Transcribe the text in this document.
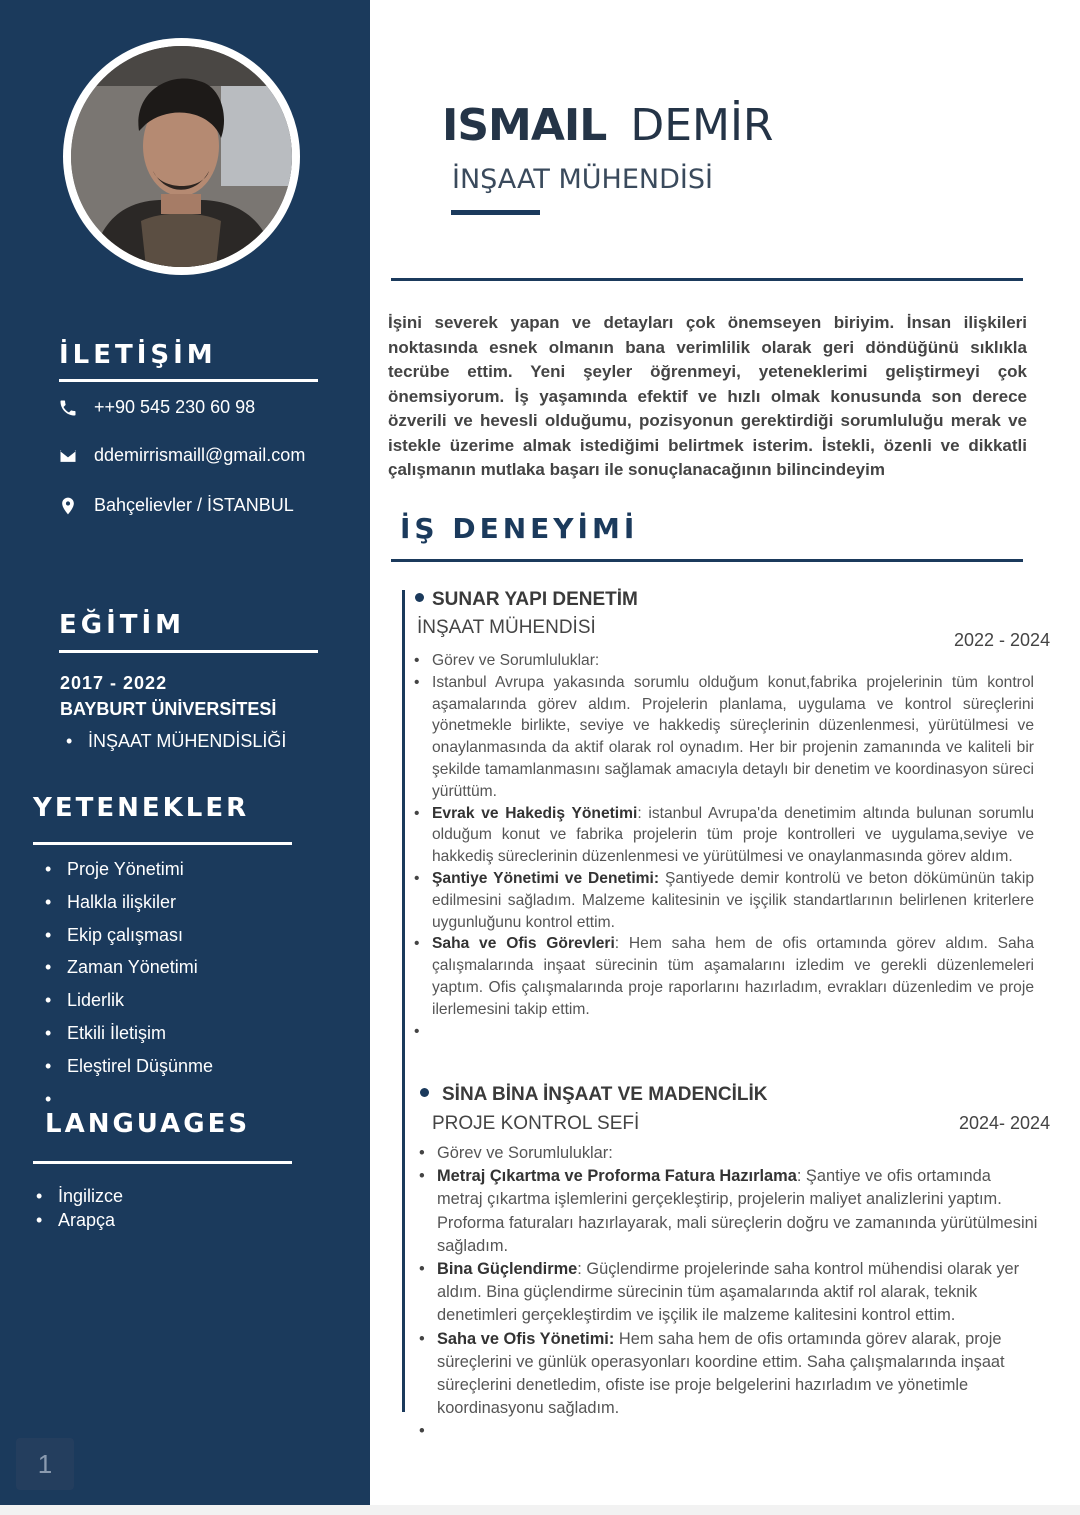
İLETİŞİM
++90 545 230 60 98
ddemirrismaill@gmail.com
Bahçelievler / İSTANBUL
EĞİTİM
2017 - 2022
BAYBURT ÜNİVERSİTESİ
• İNŞAAT MÜHENDİSLİĞİ
YETENEKLER
• Proje Yönetimi
• Halkla ilişkiler
• Ekip çalışması
• Zaman Yönetimi
• Liderlik
• Etkili İletişim
• Eleştirel Düşünme
•
LANGUAGES
• İngilizce
• Arapça
1
ISMAIL DEMİR
İNŞAAT MÜHENDİSİ

İşini severek yapan ve detayları çok önemseyen biriyim. İnsan ilişkileri noktasında esnek olmanın bana verimlilik olarak geri döndüğünü sıklıkla tecrübe ettim. Yeni şeyler öğrenmeyi, yeteneklerimi geliştirmeyi çok önemsiyorum. İş yaşamında efektif ve hızlı olmak konusunda son derece özverili ve hevesli olduğumu, pozisyonun gerektirdiği sorumluluğu merak ve istekle üzerime almak istediğimi belirtmek isterim. İstekli, özenli ve dikkatli çalışmanın mutlaka başarı ile sonuçlanacağının bilincindeyim

İŞ DENEYİMİ
SUNAR YAPI DENETİM
İNŞAAT MÜHENDİSİ
2022 - 2024
• Görev ve Sorumluluklar:
• Istanbul Avrupa yakasında sorumlu olduğum konut,fabrika projelerinin tüm kontrol aşamalarında görev aldım. Projelerin planlama, uygulama ve kontrol süreçlerini yönetmekle birlikte, seviye ve hakkediş süreçlerinin düzenlenmesi, yürütülmesi ve onaylanmasında da aktif olarak rol oynadım. Her bir projenin zamanında ve kaliteli bir şekilde tamamlanmasını sağlamak amacıyla detaylı bir denetim ve koordinasyon süreci yürüttüm.
• Evrak ve Hakediş Yönetimi: istanbul Avrupa'da denetimim altında bulunan sorumlu olduğum konut ve fabrika projelerin tüm proje kontrolleri ve uygulama,seviye ve hakkediş süreclerinin düzenlenmesi ve yürütülmesi ve onaylanmasında görev aldım.
• Şantiye Yönetimi ve Denetimi: Şantiyede demir kontrolü ve beton dökümünün takip edilmesini sağladım. Malzeme kalitesinin ve işçilik standartlarının belirlenen kriterlere uygunluğunu kontrol ettim.
• Saha ve Ofis Görevleri: Hem saha hem de ofis ortamında görev aldım. Saha çalışmalarında inşaat sürecinin tüm aşamalarını izledim ve gerekli düzenlemeleri yaptım. Ofis çalışmalarında proje raporlarını hazırladım, evrakları düzenledim ve proje ilerlemesini takip ettim.
•
SİNA BİNA İNŞAAT VE MADENCİLİK
PROJE KONTROL SEFİ	2024- 2024
• Görev ve Sorumluluklar:
• Metraj Çıkartma ve Proforma Fatura Hazırlama: Şantiye ve ofis ortamında metraj çıkartma işlemlerini gerçekleştirip, projelerin maliyet analizlerini yaptım. Proforma faturaları hazırlayarak, mali süreçlerin doğru ve zamanında yürütülmesini sağladım.
• Bina Güçlendirme: Güçlendirme projelerinde saha kontrol mühendisi olarak yer aldım. Bina güçlendirme sürecinin tüm aşamalarında aktif rol alarak, teknik denetimleri gerçekleştirdim ve işçilik ile malzeme kalitesini kontrol ettim.
• Saha ve Ofis Yönetimi: Hem saha hem de ofis ortamında görev alarak, proje süreçlerini ve günlük operasyonları koordine ettim. Saha çalışmalarında inşaat süreçlerini denetledim, ofiste ise proje belgelerini hazırladım ve yönetimle koordinasyonu sağladım.
•
